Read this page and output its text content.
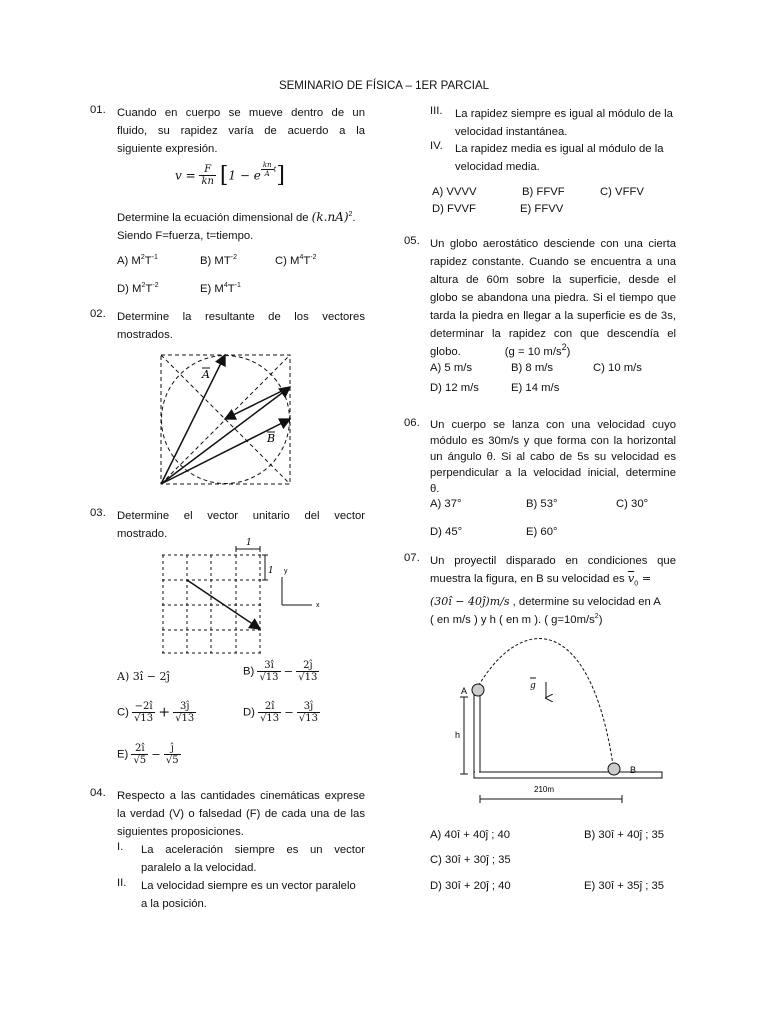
SEMINARIO DE FÍSICA – 1ER PARCIAL
01. Cuando en cuerpo se mueve dentro de un
fluido, su rapidez varía de acuerdo a la
siguiente expresión.
$v = \frac{F}{kn} [1 - e \frac{kn}{A} t]$
Determine la ecuación dimensional de $(k.nA)^2$.
Siendo F=fuerza, t=tiempo.
A) $M^2T^{-1}$	B) $MT^{-2}$	C) $M^4T^{-2}$
D) $M^2T^{-2}$	E) $M^4T^{-1}$
02. Determine la resultante de los vectores
mostrados.
A
B
03. Determine el vector unitario del vector
mostrado.
1
1 y
x
A) 3î − 2ĵ	$B) \frac{3î}{√13} - \frac{2ĵ}{√13}$
$C) \frac{-2î}{√13} + \frac{3ĵ}{√13}$	$D) \frac{2î}{√13} - \frac{3ĵ}{√13}$
$E) \frac{2î}{√5} - \frac{ĵ}{√5}$
04. Respecto a las cantidades cinemáticas exprese
la verdad (V) o falsedad (F) de cada una de las
siguientes proposiciones.
I. La aceleración siempre es un vector
paralelo a la velocidad.
II. La velocidad siempre es un vector paralelo
a la posición.
III. La rapidez siempre es igual al módulo de la
velocidad instantánea.
IV. La rapidez media es igual al módulo de la
velocidad media.
A) VVVV	B) FFVF	C) VFFV
D) FVVF	E) FFVV
05. Un globo aerostático desciende con una cierta
rapidez constante. Cuando se encuentra a una
altura de 60m sobre la superficie, desde el
globo se abandona una piedra. Si el tiempo que
tarda la piedra en llegar a la superficie es de 3s,
determinar la rapidez con que descendía el
globo.	(g = 10 $m/s^2$)
A) 5 m/s	B) 8 m/s	C) 10 m/s
D) 12 m/s	E) 14 m/s
06. Un cuerpo se lanza con una velocidad cuyo
módulo es 30m/s y que forma con la horizontal
un ángulo θ. Si al cabo de 5s su velocidad es
perpendicular a la velocidad inicial, determine
θ.
A) 37°	B) 53°	C) 30°
D) 45°	E) 60°
07. Un proyectil disparado en condiciones que
muestra la figura, en B su velocidad es $\overline{v}_0$ =
(30î − 40ĵ)m/s , determine su velocidad en A
( en m/s ) y h ( en m ). ( $g=10m/s^2$)
A
B
g
h
210m
A) 40î + 40ĵ ; 40	B) 30î + 40ĵ ; 35
C) 30î + 30ĵ ; 35
D) 30î + 20ĵ ; 40	E) 30î + 35ĵ ; 35
